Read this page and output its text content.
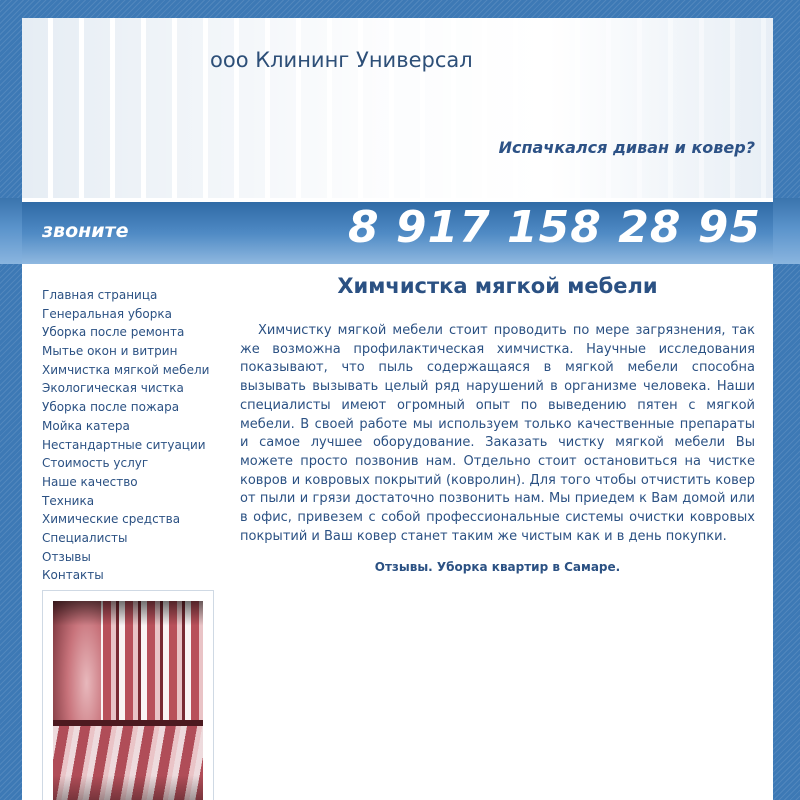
ооо Клининг Универсал
Испачкался диван и ковер?
звоните	8 917 158 28 95
Главная страница
Генеральная уборка
Уборка после ремонта
Мытье окон и витрин
Химчистка мягкой мебели
Экологическая чистка
Уборка после пожара
Мойка катера
Нестандартные ситуации
Стоимость услуг
Наше качество
Техника
Химические средства
Специалисты
Отзывы
Контакты
Химчистка мягкой мебели

Химчистку мягкой мебели стоит проводить по мере загрязнения, так же возможна профилактическая химчистка. Научные исследования показывают, что пыль содержащаяся в мягкой мебели способна вызывать вызывать целый ряд нарушений в организме человека. Наши специалисты имеют огромный опыт по выведению пятен с мягкой мебели. В своей работе мы используем только качественные препараты и самое лучшее оборудование. Заказать чистку мягкой мебели Вы можете просто позвонив нам. Отдельно стоит остановиться на чистке ковров и ковровых покрытий (ковролин). Для того чтобы отчистить ковер от пыли и грязи достаточно позвонить нам. Мы приедем к Вам домой или в офис, привезем с собой профессиональные системы очистки ковровых покрытий и Ваш ковер станет таким же чистым как и в день покупки.

Отзывы. Уборка квартир в Самаре.
